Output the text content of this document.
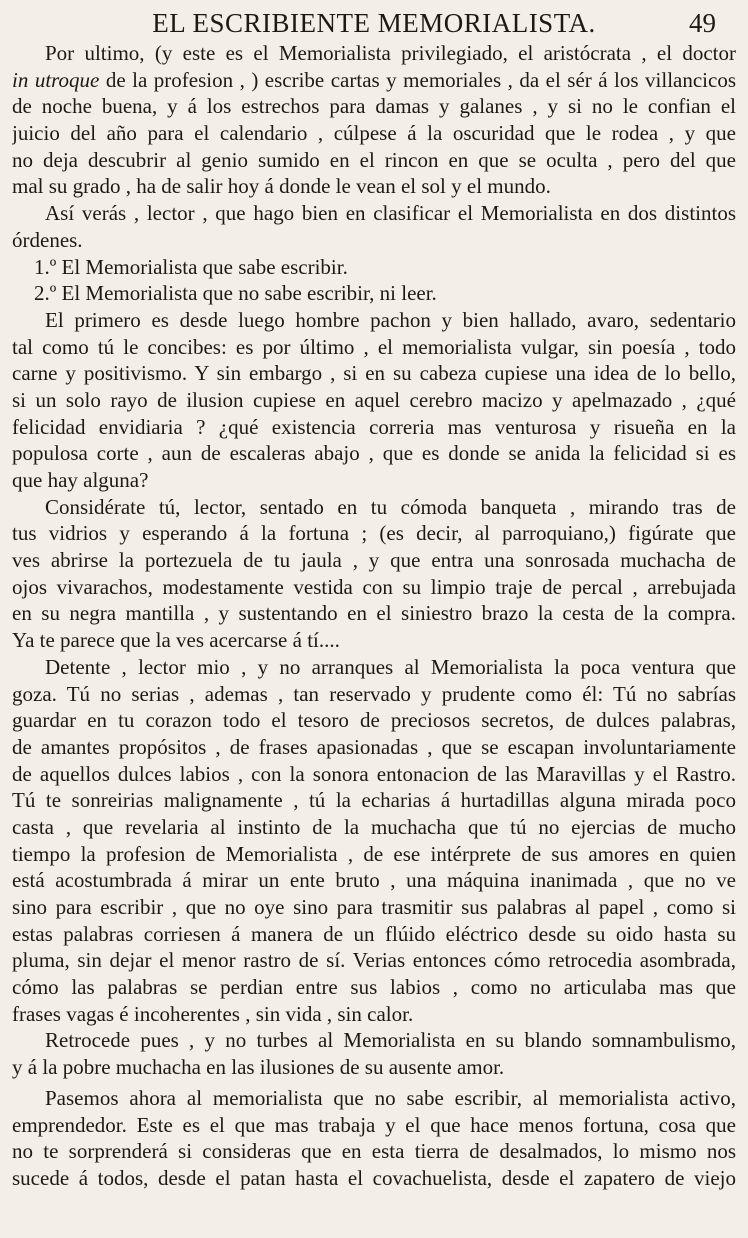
EL ESCRIBIENTE MEMORIALISTA.	49
Por ultimo, (y este es el Memorialista privilegiado, el aristócrata , el doctor
in utroque de la profesion , ) escribe cartas y memoriales , da el sér á los villancicos
de noche buena, y á los estrechos para damas y galanes , y si no le confian el
juicio del año para el calendario , cúlpese á la oscuridad que le rodea , y que
no deja descubrir al genio sumido en el rincon en que se oculta , pero del que
mal su grado , ha de salir hoy á donde le vean el sol y el mundo.
Así verás , lector , que hago bien en clasificar el Memorialista en dos distintos
órdenes.
1.º El Memorialista que sabe escribir.
2.º El Memorialista que no sabe escribir, ni leer.
El primero es desde luego hombre pachon y bien hallado, avaro, sedentario
tal como tú le concibes: es por último , el memorialista vulgar, sin poesía , todo
carne y positivismo. Y sin embargo , si en su cabeza cupiese una idea de lo bello,
si un solo rayo de ilusion cupiese en aquel cerebro macizo y apelmazado , ¿qué
felicidad envidiaria ? ¿qué existencia correria mas venturosa y risueña en la
populosa corte , aun de escaleras abajo , que es donde se anida la felicidad si es
que hay alguna?
Considérate tú, lector, sentado en tu cómoda banqueta , mirando tras de
tus vidrios y esperando á la fortuna ; (es decir, al parroquiano,) figúrate que
ves abrirse la portezuela de tu jaula , y que entra una sonrosada muchacha de
ojos vivarachos, modestamente vestida con su limpio traje de percal , arrebujada
en su negra mantilla , y sustentando en el siniestro brazo la cesta de la compra.
Ya te parece que la ves acercarse á tí....
Detente , lector mio , y no arranques al Memorialista la poca ventura que
goza. Tú no serias , ademas , tan reservado y prudente como él: Tú no sabrías
guardar en tu corazon todo el tesoro de preciosos secretos, de dulces palabras,
de amantes propósitos , de frases apasionadas , que se escapan involuntariamente
de aquellos dulces labios , con la sonora entonacion de las Maravillas y el Rastro.
Tú te sonreirias malignamente , tú la echarias á hurtadillas alguna mirada poco
casta , que revelaria al instinto de la muchacha que tú no ejercias de mucho
tiempo la profesion de Memorialista , de ese intérprete de sus amores en quien
está acostumbrada á mirar un ente bruto , una máquina inanimada , que no ve
sino para escribir , que no oye sino para trasmitir sus palabras al papel , como si
estas palabras corriesen á manera de un flúido eléctrico desde su oido hasta su
pluma, sin dejar el menor rastro de sí. Verias entonces cómo retrocedia asombrada,
cómo las palabras se perdian entre sus labios , como no articulaba mas que
frases vagas é incoherentes , sin vida , sin calor.
Retrocede pues , y no turbes al Memorialista en su blando somnambulismo,
y á la pobre muchacha en las ilusiones de su ausente amor.
Pasemos ahora al memorialista que no sabe escribir, al memorialista activo,
emprendedor. Este es el que mas trabaja y el que hace menos fortuna, cosa que
no te sorprenderá si consideras que en esta tierra de desalmados, lo mismo nos
sucede á todos, desde el patan hasta el covachuelista, desde el zapatero de viejo
